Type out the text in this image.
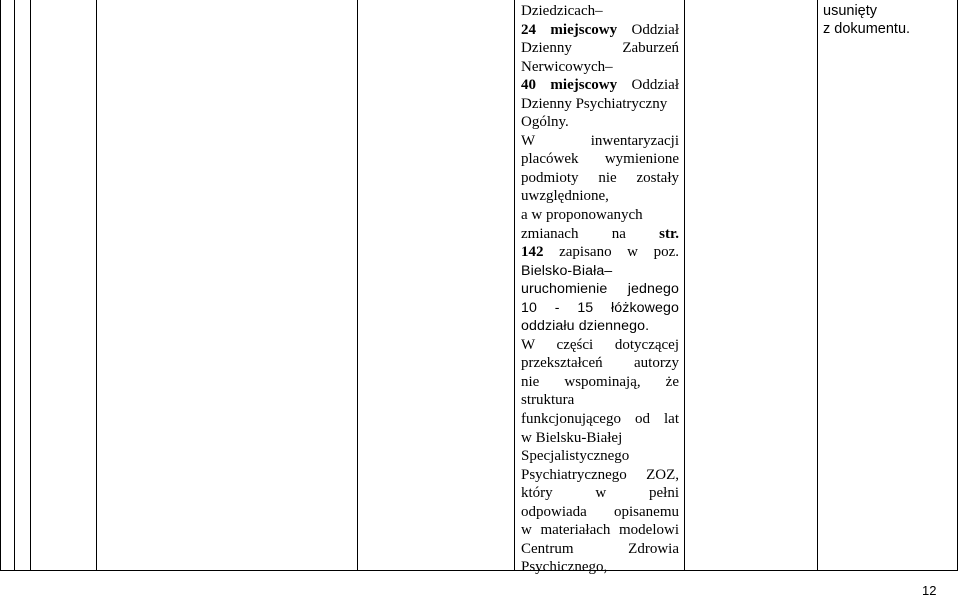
Dziedzicach–
24 miejscowy Oddział
Dzienny Zaburzeń
Nerwicowych–
40 miejscowy Oddział
Dzienny Psychiatryczny
Ogólny.
W inwentaryzacji
placówek wymienione
podmioty nie zostały
uwzględnione,
a w proponowanych
zmianach na str.
142 zapisano w poz.
Bielsko-Biała–
uruchomienie jednego
10 - 15 łóżkowego
oddziału dziennego.
W części dotyczącej
przekształceń autorzy
nie wspominają, że
struktura
funkcjonującego od lat
w Bielsku-Białej
Specjalistycznego
Psychiatrycznego ZOZ,
który w pełni
odpowiada opisanemu
w materiałach modelowi
Centrum Zdrowia
Psychicznego,
usunięty
z dokumentu.
12
